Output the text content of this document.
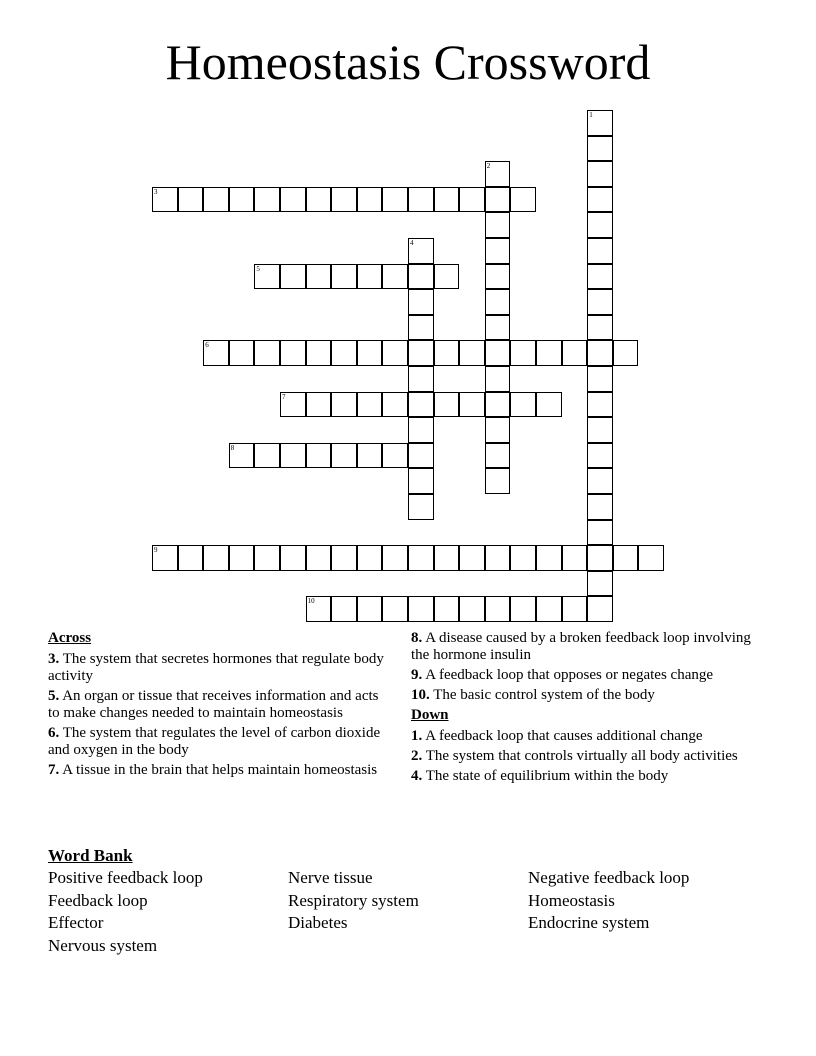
Homeostasis Crossword
1
2
3
4
5
6
7
8
9
10
Across
3. The system that secretes hormones that regulate body activity
5. An organ or tissue that receives information and acts to make changes needed to maintain homeostasis
6. The system that regulates the level of carbon dioxide and oxygen in the body
7. A tissue in the brain that helps maintain homeostasis
8. A disease caused by a broken feedback loop involving the hormone insulin
9. A feedback loop that opposes or negates change
10. The basic control system of the body
Down
1. A feedback loop that causes additional change
2. The system that controls virtually all body activities
4. The state of equilibrium within the body
Word Bank
Positive feedback loop	Nerve tissue	Negative feedback loop
Feedback loop	Respiratory system	Homeostasis
Effector	Diabetes	Endocrine system
Nervous system
